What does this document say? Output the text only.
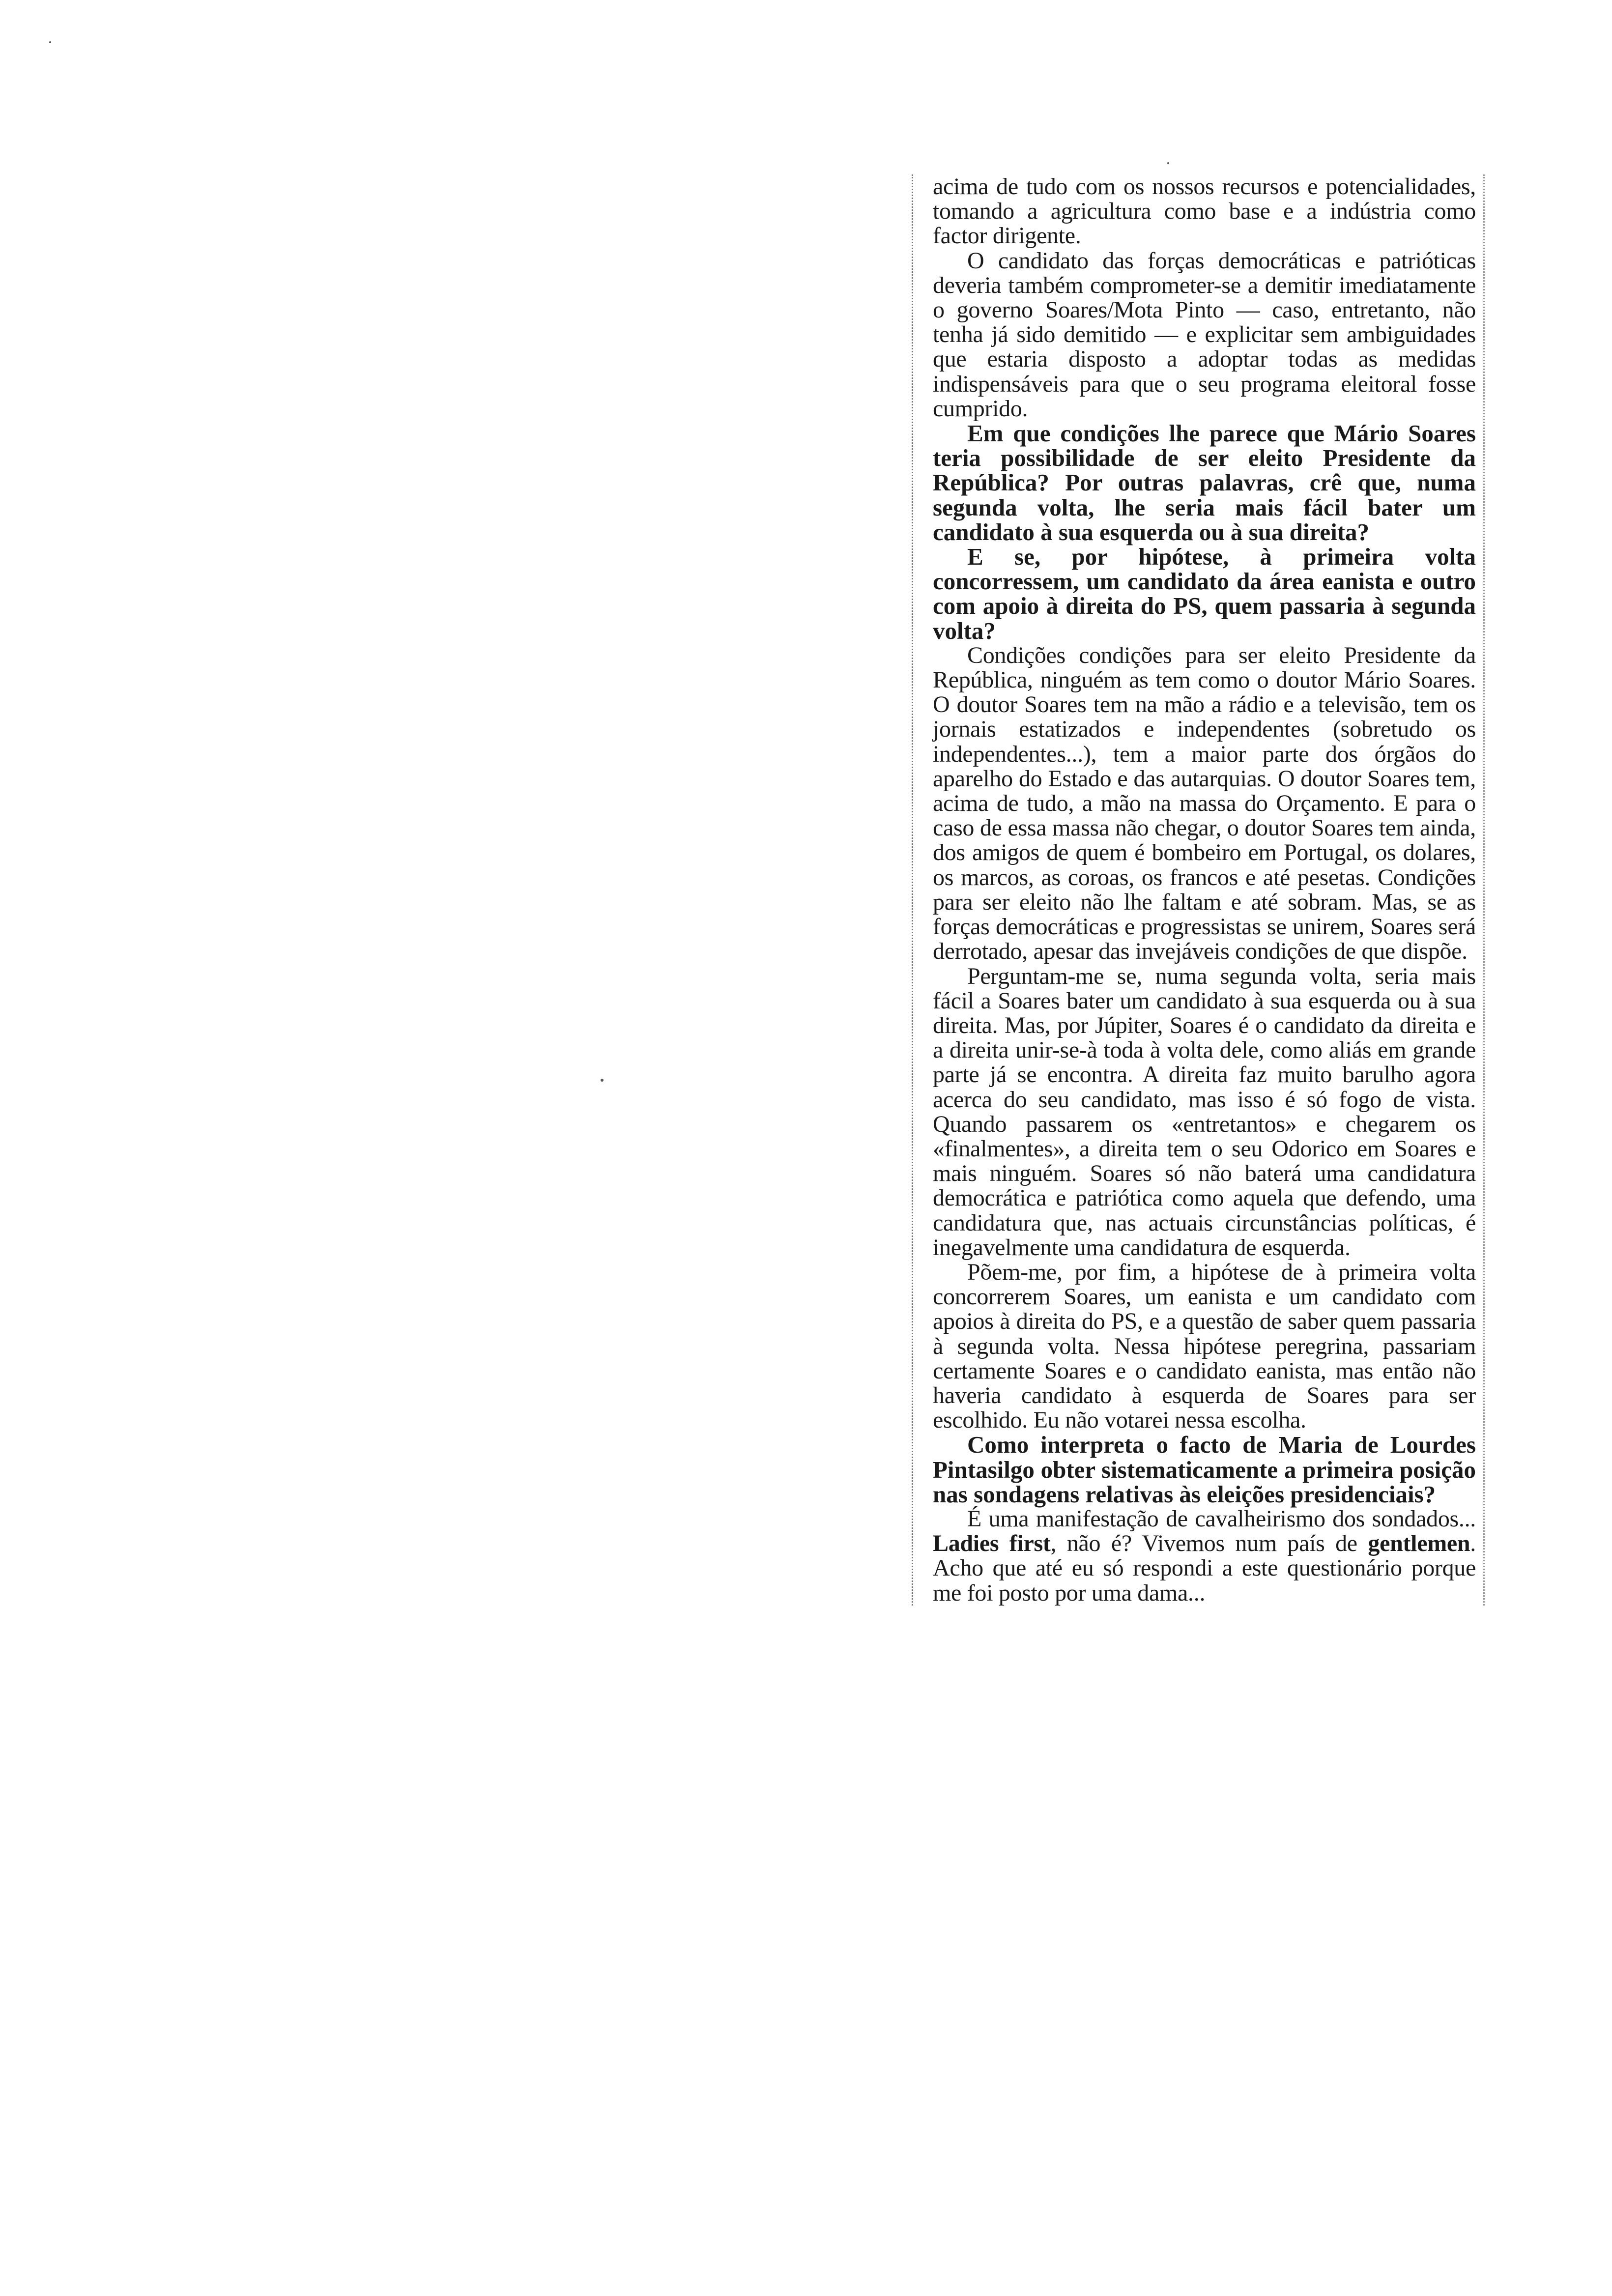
acima de tudo com os nossos recursos e potencialidades, tomando a agricultura como base e a indústria como factor dirigente.

O candidato das forças democráticas e patrióticas deveria também comprometer-se a demitir imediatamente o governo Soares/Mota Pinto — caso, entretanto, não tenha já sido demitido — e explicitar sem ambiguidades que estaria disposto a adoptar todas as medidas indispensáveis para que o seu programa eleitoral fosse cumprido.

Em que condições lhe parece que Mário Soares teria possibilidade de ser eleito Presidente da República? Por outras palavras, crê que, numa segunda volta, lhe seria mais fácil bater um candidato à sua esquerda ou à sua direita?

E se, por hipótese, à primeira volta concorressem, um candidato da área eanista e outro com apoio à direita do PS, quem passaria à segunda volta?

Condições condições para ser eleito Presidente da República, ninguém as tem como o doutor Mário Soares. O doutor Soares tem na mão a rádio e a televisão, tem os jornais estatizados e independentes (sobretudo os independentes...), tem a maior parte dos órgãos do aparelho do Estado e das autarquias. O doutor Soares tem, acima de tudo, a mão na massa do Orçamento. E para o caso de essa massa não chegar, o doutor Soares tem ainda, dos amigos de quem é bombeiro em Portugal, os dolares, os marcos, as coroas, os francos e até pesetas. Condições para ser eleito não lhe faltam e até sobram. Mas, se as forças democráticas e progressistas se unirem, Soares será derrotado, apesar das invejáveis condições de que dispõe.

Perguntam-me se, numa segunda volta, seria mais fácil a Soares bater um candidato à sua esquerda ou à sua direita. Mas, por Júpiter, Soares é o candidato da direita e a direita unir-se-à toda à volta dele, como aliás em grande parte já se encontra. A direita faz muito barulho agora acerca do seu candidato, mas isso é só fogo de vista. Quando passarem os «entretantos» e chegarem os «finalmentes», a direita tem o seu Odorico em Soares e mais ninguém. Soares só não baterá uma candidatura democrática e patriótica como aquela que defendo, uma candidatura que, nas actuais circunstâncias políticas, é inegavelmente uma candidatura de esquerda.

Põem-me, por fim, a hipótese de à primeira volta concorrerem Soares, um eanista e um candidato com apoios à direita do PS, e a questão de saber quem passaria à segunda volta. Nessa hipótese peregrina, passariam certamente Soares e o candidato eanista, mas então não haveria candidato à esquerda de Soares para ser escolhido. Eu não votarei nessa escolha.

Como interpreta o facto de Maria de Lourdes Pintasilgo obter sistematicamente a primeira posição nas sondagens relativas às eleições presidenciais?

É uma manifestação de cavalheirismo dos sondados... Ladies first, não é? Vivemos num país de gentlemen. Acho que até eu só respondi a este questionário porque me foi posto por uma dama...
